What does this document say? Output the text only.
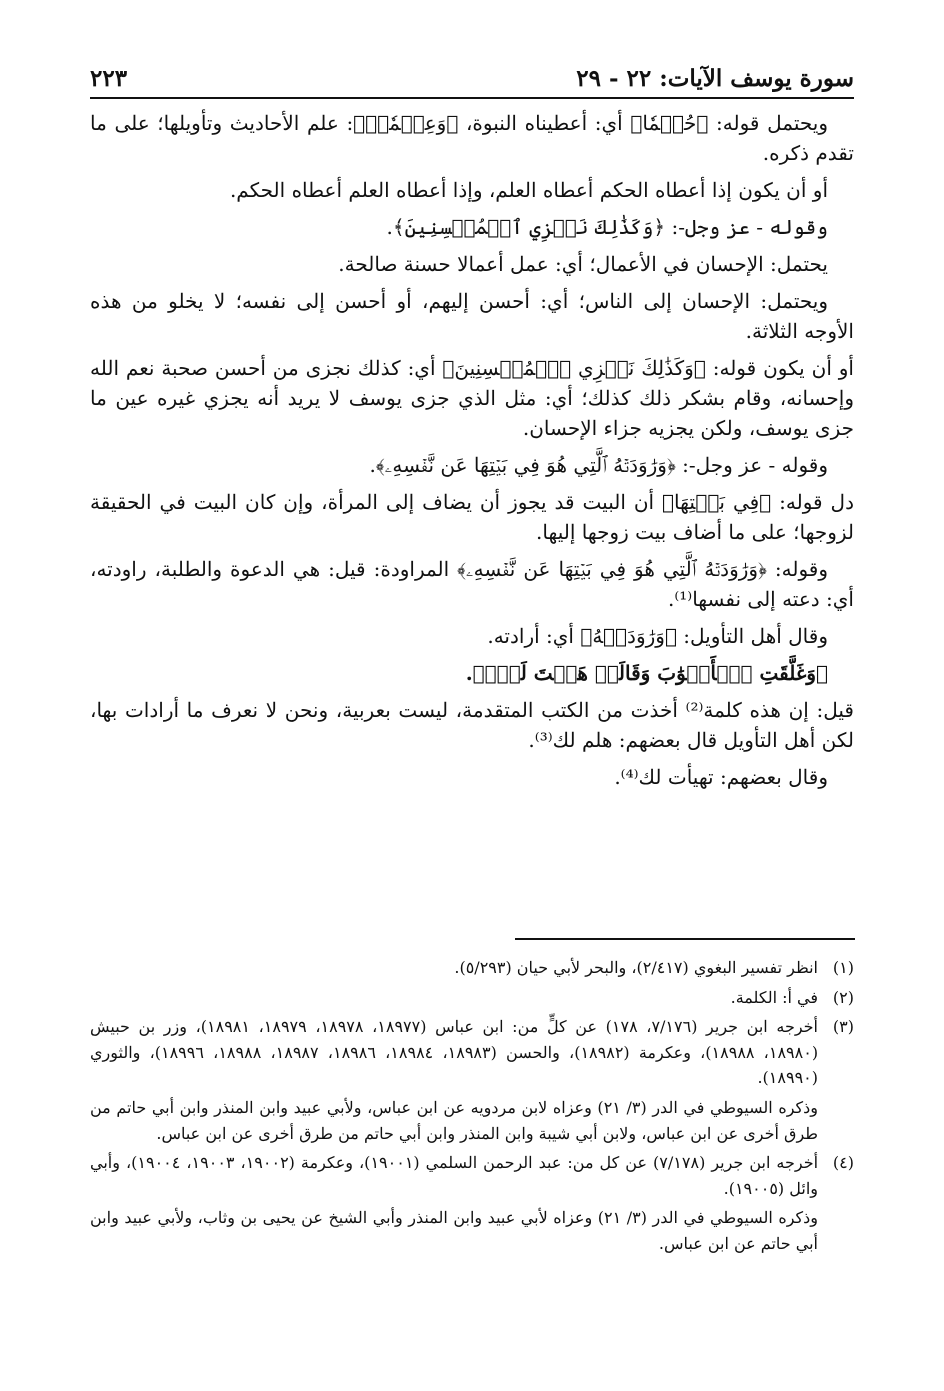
سورة يوسف الآيات: ٢٢ - ٢٩
٢٢٣

ويحتمل قوله: ﴿حُكۡمٗا﴾ أي: أعطيناه النبوة، ﴿وَعِلۡمٗاۚ﴾: علم الأحاديث وتأويلها؛ على ما تقدم ذكره.

أو أن يكون إذا أعطاه الحكم أعطاه العلم، وإذا أعطاه العلم أعطاه الحكم.

وقوله - عز وجل-: ﴿وَكَذَٰلِكَ نَجۡزِي ٱلۡمُحۡسِنِينَ﴾.

يحتمل: الإحسان في الأعمال؛ أي: عمل أعمالا حسنة صالحة.

ويحتمل: الإحسان إلى الناس؛ أي: أحسن إليهم، أو أحسن إلى نفسه؛ لا يخلو من هذه الأوجه الثلاثة.

أو أن يكون قوله: ﴿وَكَذَٰلِكَ نَجۡزِي ٱلۡمُحۡسِنِينَ﴾ أي: كذلك نجزى من أحسن صحبة نعم الله وإحسانه، وقام بشكر ذلك كذلك؛ أي: مثل الذي جزى يوسف لا يريد أنه يجزي غيره عين ما جزى يوسف، ولكن يجزيه جزاء الإحسان.

وقوله - عز وجل-: ﴿وَرَٰوَدَتۡهُ ٱلَّتِي هُوَ فِي بَيۡتِهَا عَن نَّفۡسِهِۦ﴾.

دل قوله: ﴿فِي بَيۡتِهَا﴾ أن البيت قد يجوز أن يضاف إلى المرأة، وإن كان البيت في الحقيقة لزوجها؛ على ما أضاف بيت زوجها إليها.

وقوله: ﴿وَرَٰوَدَتۡهُ ٱلَّتِي هُوَ فِي بَيۡتِهَا عَن نَّفۡسِهِۦ﴾ المراودة: قيل: هي الدعوة والطلبة، راودته، أي: دعته إلى نفسها⁽¹⁾.

وقال أهل التأويل: ﴿وَرَٰوَدَتۡهُ﴾ أي: أرادته.

﴿وَغَلَّقَتِ ٱلۡأَبۡوَٰبَ وَقَالَتۡ هَيۡتَ لَكَۚ﴾.

قيل: إن هذه كلمة⁽²⁾ أخذت من الكتب المتقدمة، ليست بعربية، ونحن لا نعرف ما أرادات بها، لكن أهل التأويل قال بعضهم: هلم لك⁽³⁾.

وقال بعضهم: تهيأت لك⁽⁴⁾.

(١)
انظر تفسير البغوي (٢/٤١٧)، والبحر لأبي حيان (٥/٢٩٣).
(٢)
في أ: الكلمة.
(٣)
أخرجه ابن جرير (٧/١٧٦، ١٧٨) عن كلٍّ من: ابن عباس (١٨٩٧٧، ١٨٩٧٨، ١٨٩٧٩، ١٨٩٨١)، وزر بن حبيش (١٨٩٨٠، ١٨٩٨٨)، وعكرمة (١٨٩٨٢)، والحسن (١٨٩٨٣، ١٨٩٨٤، ١٨٩٨٦، ١٨٩٨٧، ١٨٩٨٨، ١٨٩٩٦)، والثوري (١٨٩٩٠).
وذكره السيوطي في الدر (٣/ ٢١) وعزاه لابن مردويه عن ابن عباس، ولأبي عبيد وابن المنذر وابن أبي حاتم من طرق أخرى عن ابن عباس، ولابن أبي شيبة وابن المنذر وابن أبي حاتم من طرق أخرى عن ابن عباس.
(٤)
أخرجه ابن جرير (٧/١٧٨) عن كل من: عبد الرحمن السلمي (١٩٠٠١)، وعكرمة (١٩٠٠٢، ١٩٠٠٣، ١٩٠٠٤)، وأبي وائل (١٩٠٠٥).
وذكره السيوطي في الدر (٣/ ٢١) وعزاه لأبي عبيد وابن المنذر وأبي الشيخ عن يحيى بن وثاب، ولأبي عبيد وابن أبي حاتم عن ابن عباس.
